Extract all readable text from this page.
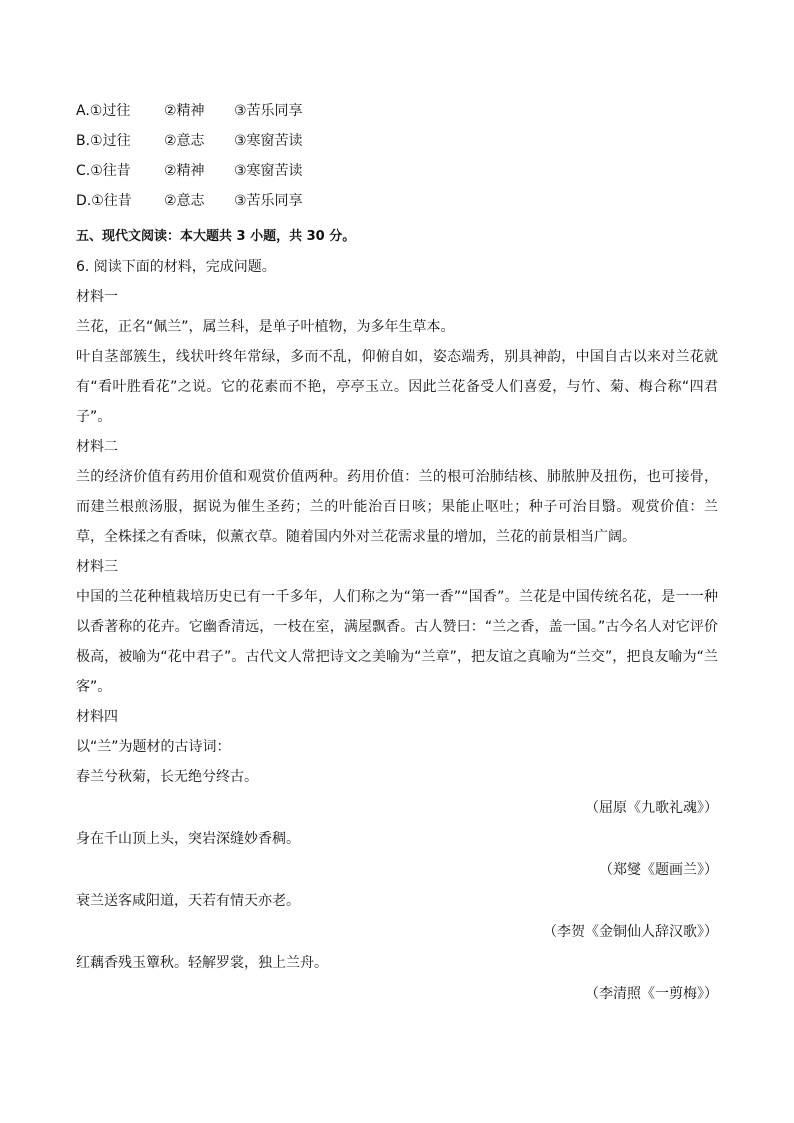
A.①过往	②精神	③苦乐同享
B.①过往	②意志	③寒窗苦读
C.①往昔	②精神	③寒窗苦读
D.①往昔	②意志	③苦乐同享
五、现代文阅读：本大题共 3 小题，共 30 分。
6. 阅读下面的材料，完成问题。
材料一
兰花，正名“佩兰”，属兰科，是单子叶植物，为多年生草本。
叶自茎部簇生，线状叶终年常绿，多而不乱，仰俯自如，姿态端秀，别具神韵，中国自古以来对兰花就有“看叶胜看花”之说。它的花素而不艳，亭亭玉立。因此兰花备受人们喜爱，与竹、菊、梅合称“四君子”。
材料二
兰的经济价值有药用价值和观赏价值两种。药用价值：兰的根可治肺结核、肺脓肿及扭伤，也可接骨，而建兰根煎汤服，据说为催生圣药；兰的叶能治百日咳；果能止呕吐；种子可治目翳。观赏价值：兰草，全株揉之有香味，似薰衣草。随着国内外对兰花需求量的增加，兰花的前景相当广阔。
材料三
中国的兰花种植栽培历史已有一千多年，人们称之为“第一香”“国香”。兰花是中国传统名花，是一一种以香著称的花卉。它幽香清远，一枝在室，满屋飘香。古人赞曰：“兰之香，盖一国。”古今名人对它评价极高，被喻为“花中君子”。古代文人常把诗文之美喻为“兰章”，把友谊之真喻为“兰交”，把良友喻为“兰客”。
材料四
以“兰”为题材的古诗词：
春兰兮秋菊，长无绝兮终古。
（屈原《九歌礼魂》）
身在千山顶上头，突岩深缝妙香稠。
（郑燮《题画兰》）
衰兰送客咸阳道，天若有情天亦老。
（李贺《金铜仙人辞汉歌》）
红藕香残玉簟秋。轻解罗裳，独上兰舟。
（李清照《一剪梅》）
